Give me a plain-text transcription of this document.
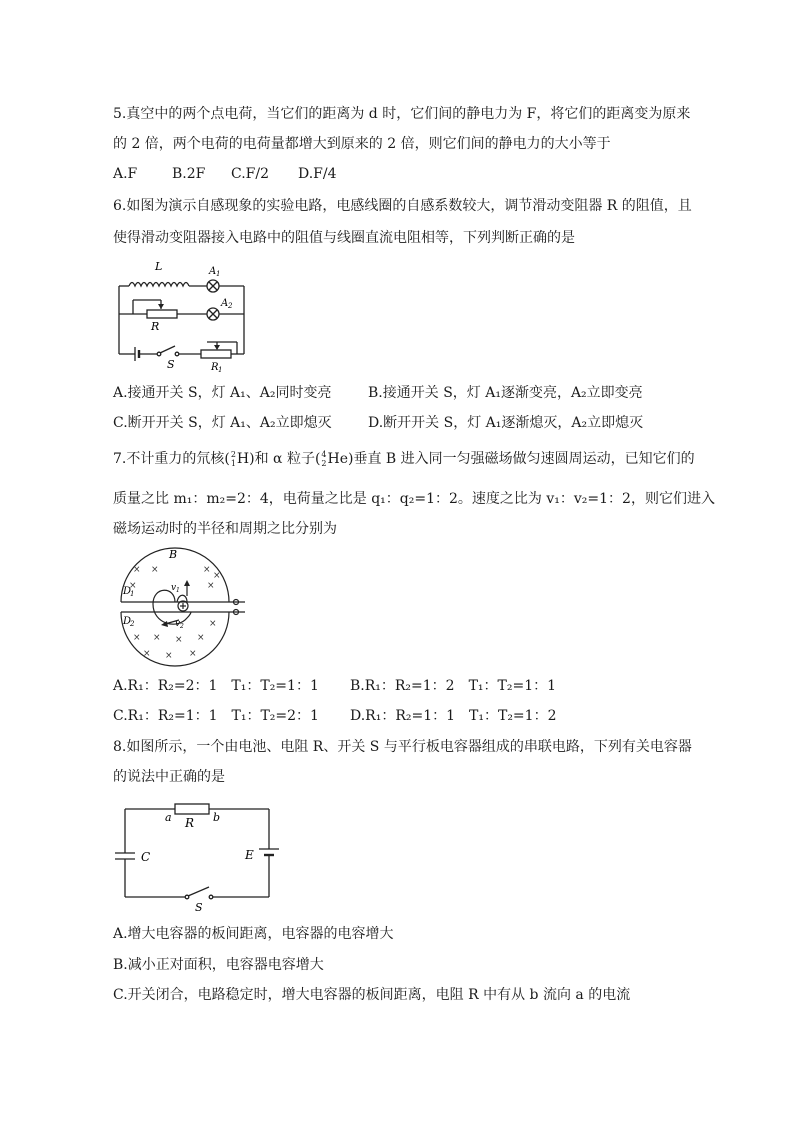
5.真空中的两个点电荷，当它们的距离为 d 时，它们间的静电力为 F，将它们的距离变为原来
的 2 倍，两个电荷的电荷量都增大到原来的 2 倍，则它们间的静电力的大小等于
A.F B.2F C.F/2 D.F/4
6.如图为演示自感现象的实验电路，电感线圈的自感系数较大，调节滑动变阻器 R 的阻值，且
使得滑动变阻器接入电路中的阻值与线圈直流电阻相等，下列判断正确的是
L	A 1
A 2
R
S	R 1
A.接通开关 S，灯 A₁、A₂同时变亮	B.接通开关 S，灯 A₁逐渐变亮，A₂立即变亮
C.断开开关 S，灯 A₁、A₂立即熄灭	D.断开开关 S，灯 A₁逐渐熄灭，A₂立即熄灭
7.不计重力的氘核( 2
1 H)和 α 粒子( 4
2 He)垂直 B 进入同一匀强磁场做匀速圆周运动，已知它们的
质量之比 m₁：m₂=2：4，电荷量之比是 q₁：q₂=1：2。速度之比为 v₁：v₂=1：2，则它们进入
磁场运动时的半径和周期之比分别为
× ×	×
×	×
×
× × × ×
× × ×
×
B
D
1
D
2
v 1
v 2
A.R₁：R₂=2：1　T₁：T₂=1：1 B.R₁：R₂=1：2　T₁：T₂=1：1
C.R₁：R₂=1：1　T₁：T₂=2：1 D.R₁：R₂=1：1　T₁：T₂=1：2
8.如图所示，一个由电池、电阻 R、开关 S 与平行板电容器组成的串联电路，下列有关电容器
的说法中正确的是
a R b
C	E
S
A.增大电容器的板间距离，电容器的电容增大
B.减小正对面积，电容器电容增大
C.开关闭合，电路稳定时，增大电容器的板间距离，电阻 R 中有从 b 流向 a 的电流
